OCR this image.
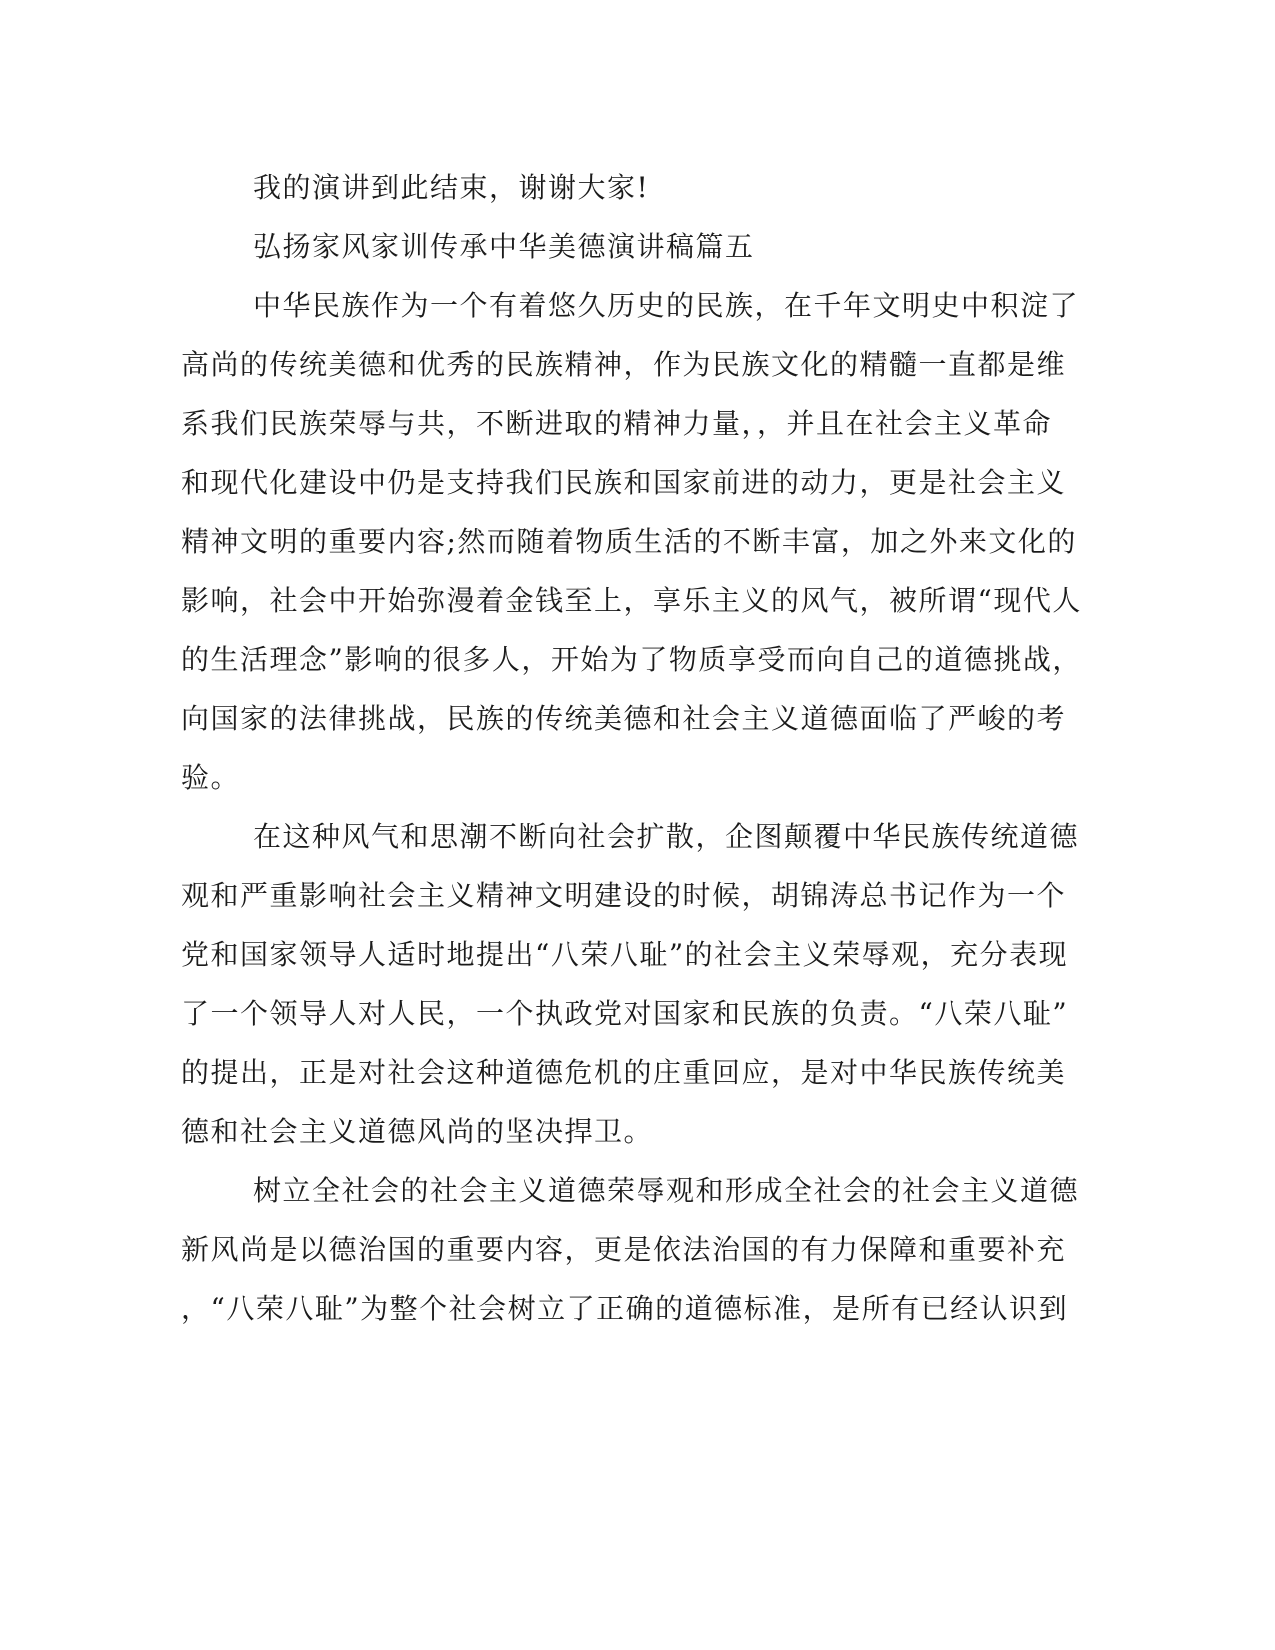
我的演讲到此结束，谢谢大家!
弘扬家风家训传承中华美德演讲稿篇五
中华民族作为一个有着悠久历史的民族，在千年文明史中积淀了
高尚的传统美德和优秀的民族精神，作为民族文化的精髓一直都是维
系我们民族荣辱与共，不断进取的精神力量，，并且在社会主义革命
和现代化建设中仍是支持我们民族和国家前进的动力，更是社会主义
精神文明的重要内容;然而随着物质生活的不断丰富，加之外来文化的
影响，社会中开始弥漫着金钱至上，享乐主义的风气，被所谓“现代人
的生活理念”影响的很多人，开始为了物质享受而向自己的道德挑战，
向国家的法律挑战，民族的传统美德和社会主义道德面临了严峻的考
验。
在这种风气和思潮不断向社会扩散，企图颠覆中华民族传统道德
观和严重影响社会主义精神文明建设的时候，胡锦涛总书记作为一个
党和国家领导人适时地提出“八荣八耻”的社会主义荣辱观，充分表现
了一个领导人对人民，一个执政党对国家和民族的负责。“八荣八耻”
的提出，正是对社会这种道德危机的庄重回应，是对中华民族传统美
德和社会主义道德风尚的坚决捍卫。
树立全社会的社会主义道德荣辱观和形成全社会的社会主义道德
新风尚是以德治国的重要内容，更是依法治国的有力保障和重要补充
，“八荣八耻”为整个社会树立了正确的道德标准，是所有已经认识到
